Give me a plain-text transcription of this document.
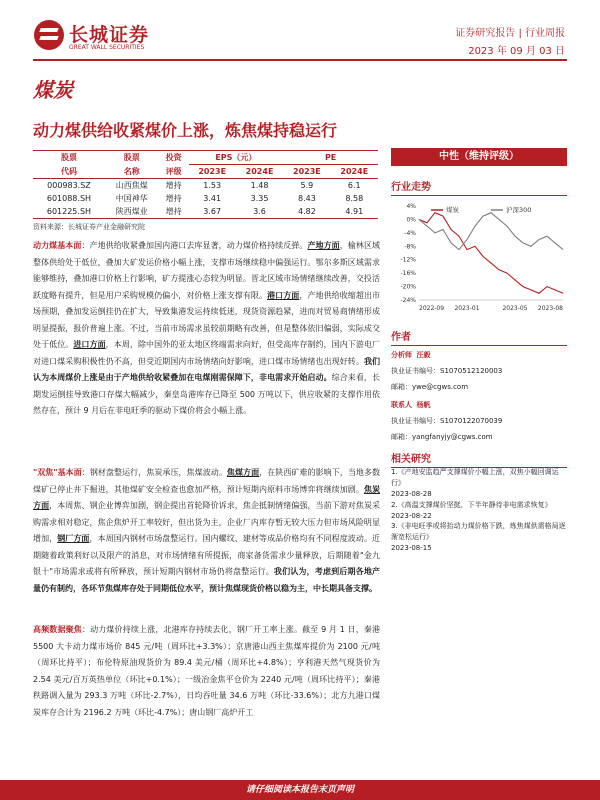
长城证券
GREAT WALL SECURITIES
证券研究报告 | 行业周报
2023 年 09 月 03 日
煤炭
动力煤供给收紧煤价上涨，炼焦煤持稳运行
股票	股票	投资	EPS（元）		PE	
代码	名称	评级	2023E	2024E	2023E	2024E
000983.SZ	山西焦煤	增持	1.53	1.48	5.9	6.1
601088.SH	中国神华	增持	3.41	3.35	8.43	8.58
601225.SH	陕西煤业	增持	3.67	3.6	4.82	4.91
资料来源：长城证券产业金融研究院
动力煤基本面：产地供给收紧叠加国内港口去库显著，动力煤价格持续反弹。产地方面，榆林区域整体供给处于低位，叠加大矿发运价格小幅上涨，支撑市场继续稳中偏强运行。鄂尔多斯区域需求能够维持，叠加港口价格上行影响，矿方提涨心态较为明显。晋北区域市场情绪继续改善，交投活跃度略有提升，但是用户采购规模仍偏小，对价格上涨支撑有限。港口方面，产地供给收缩超出市场预期，叠加发运倒挂仍在扩大，导致集港发运持续低迷，现货资源趋紧，进而对贸易商情绪形成明显提振，报价普遍上涨。不过，当前市场需求虽较前期略有改善，但是整体依旧偏弱，实际成交处于低位。进口方面，本周，除中国外的亚太地区终端需求向好，但受高库存制约，国内下游电厂对进口煤采购积极性仍不高，但受近期国内市场情绪向好影响，进口煤市场情绪也出现好转。我们认为本周煤价上涨是由于产地供给收紧叠加在电煤刚需保障下，非电需求开始启动。综合来看，长期发运倒挂导致港口存煤大幅减少，秦皇岛港库存已降至 500 万吨以下，供应收紧的支撑作用依然存在，预计 9 月后在非电旺季的驱动下煤价将会小幅上涨。
"双焦"基本面：钢材盘整运行，焦炭承压，焦煤波动。焦煤方面，在陕西矿难的影响下，当地多数煤矿已停止井下掘进，其他煤矿安全检查也愈加严格，预计短期内原料市场博弈将继续加剧。焦炭方面，本周焦、钢企业博弈加剧，钢企提出首轮降价诉求，焦企抵制情绪偏强，当前下游对焦炭采购需求相对稳定，焦企焦炉开工率较好，但出货为主，企业厂内库存暂无较大压力但市场风险明显增加，钢厂方面，本周国内钢材市场盘整运行。国内螺纹、建材等成品价格均有不同程度波动。近期随着政策利好以及限产的消息，对市场情绪有所提振，商家备货需求少量释放，后期随着"金九银十"市场需求或将有所释放，预计短期内钢材市场仍将盘整运行。我们认为，考虑到后期各地产量仍有制约，各环节焦煤库存处于同期低位水平，预计焦煤现货价格以稳为主，中长期具备支撑。
高频数据聚焦：动力煤价持续上涨，北港库存持续去化，钢厂开工率上涨。截至 9 月 1 日，秦港 5500 大卡动力煤市场价 845 元/吨（周环比+3.3%）；京唐港山西主焦煤库提价为 2100 元/吨（周环比持平）；布伦特原油现货价为 89.4 美元/桶（周环比+4.8%）；亨利港天然气现货价为 2.54 美元/百万英热单位（环比+0.1%）；一级冶金焦平仓价为 2240 元/吨（周环比持平）；秦港秩路调入量为 293.3 万吨（环比-2.7%），日均吞吐量 34.6 万吨（环比-33.6%）；北方九港口煤炭库存合计为 2196.2 万吨（环比-4.7%）；唐山钢厂高炉开工
中性（维持评级）
行业走势
4%
0%
-4%
-8%
-12%
-16%
-20%
-24%
2022-09 2023-01	2023-05 2023-08
煤炭	沪深300
作者
分析师 汪毅
执业证书编号：S1070512120003
邮箱：ywe@cgws.com
联系人 杨帆
执业证书编号：S1070122070039
邮箱：yangfanyjy@cgws.com
相关研究
1.《产地安监趋严支撑煤价小幅上涨，双焦小幅回调运行》
2023-08-28
2.《高温支撑煤价坚挺，下半年静待非电需求恢复》
2023-08-22
3.《非电旺季或将抬动力煤价格下跌，炼焦煤供需格局逐渐宽松运行》
2023-08-15
请仔细阅读本报告末页声明
